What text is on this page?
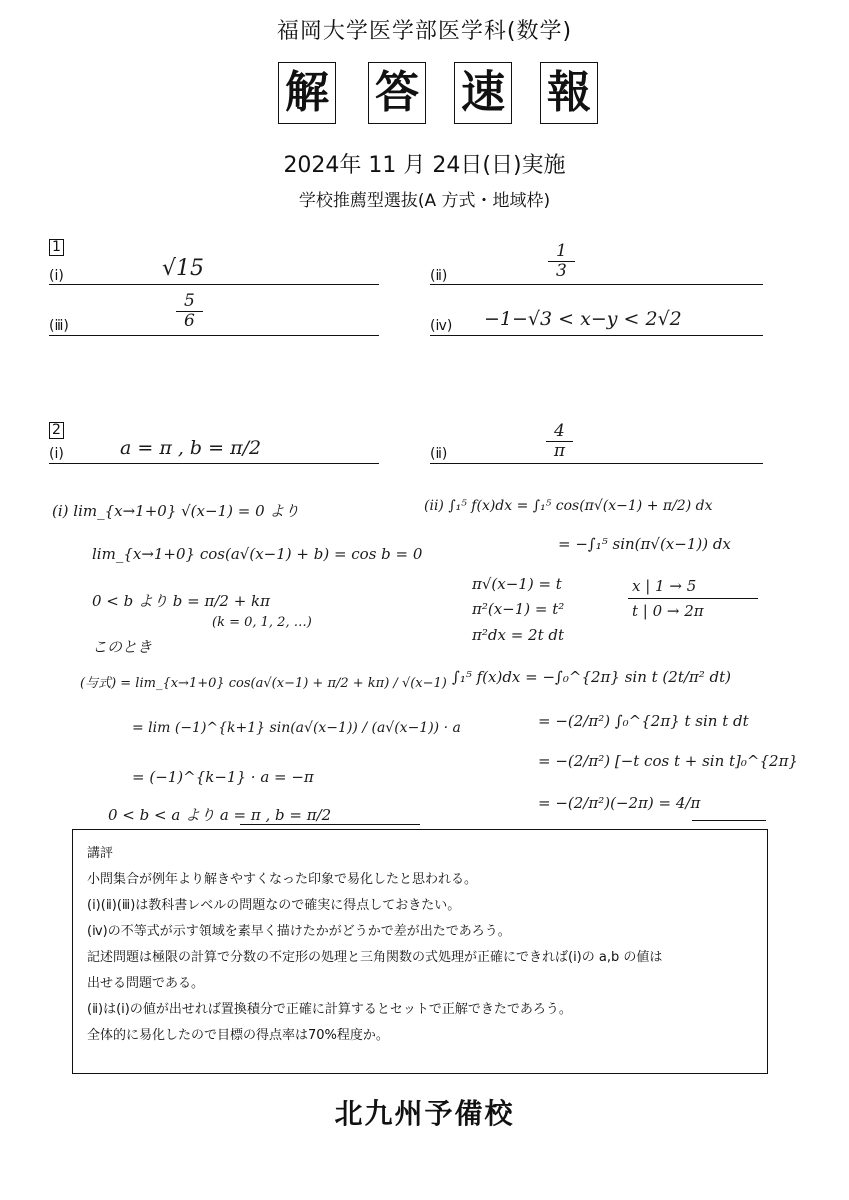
福岡大学医学部医学科(数学)
解 答 速 報
2024年 11 月 24日(日)実施
学校推薦型選抜(A 方式・地域枠)
1
(ⅰ)	√15	(ⅱ)	$\frac{1}{3}$
(ⅲ)	$\frac{5}{6}$	(ⅳ) −1−√3 < x−y < 2√2
2
(ⅰ)	a = π , b = π/2	(ⅱ)	$\frac{4}{\pi}$
(ⅰ) lim_{x→1+0} √(x−1) = 0 より
lim_{x→1+0} cos(a√(x−1) + b) = cos b = 0
0 < b より b = π/2 + kπ
(k = 0, 1, 2, …)
このとき
(与式) = lim_{x→1+0} cos(a√(x−1) + π/2 + kπ) / √(x−1)
= lim (−1)^{k+1} sin(a√(x−1)) / (a√(x−1)) · a
= (−1)^{k−1} · a = −π
0 < b < a より a = π , b = π/2
(ⅱ) ∫₁⁵ f(x)dx = ∫₁⁵ cos(π√(x−1) + π/2) dx
= −∫₁⁵ sin(π√(x−1)) dx
π√(x−1) = t
π²(x−1) = t²
π²dx = 2t dt
x | 1 → 5
t | 0 → 2π
∫₁⁵ f(x)dx = −∫₀^{2π} sin t (2t/π² dt)
= −(2/π²) ∫₀^{2π} t sin t dt
= −(2/π²) [−t cos t + sin t]₀^{2π}
= −(2/π²)(−2π) = 4/π
講評
小問集合が例年より解きやすくなった印象で易化したと思われる。
(ⅰ)(ⅱ)(ⅲ)は教科書レベルの問題なので確実に得点しておきたい。
(ⅳ)の不等式が示す領域を素早く描けたかがどうかで差が出たであろう。
記述問題は極限の計算で分数の不定形の処理と三角関数の式処理が正確にできれば(ⅰ)の a,b の値は
出せる問題である。
(ⅱ)は(ⅰ)の値が出せれば置換積分で正確に計算するとセットで正解できたであろう。
全体的に易化したので目標の得点率は70%程度か。
北九州予備校
